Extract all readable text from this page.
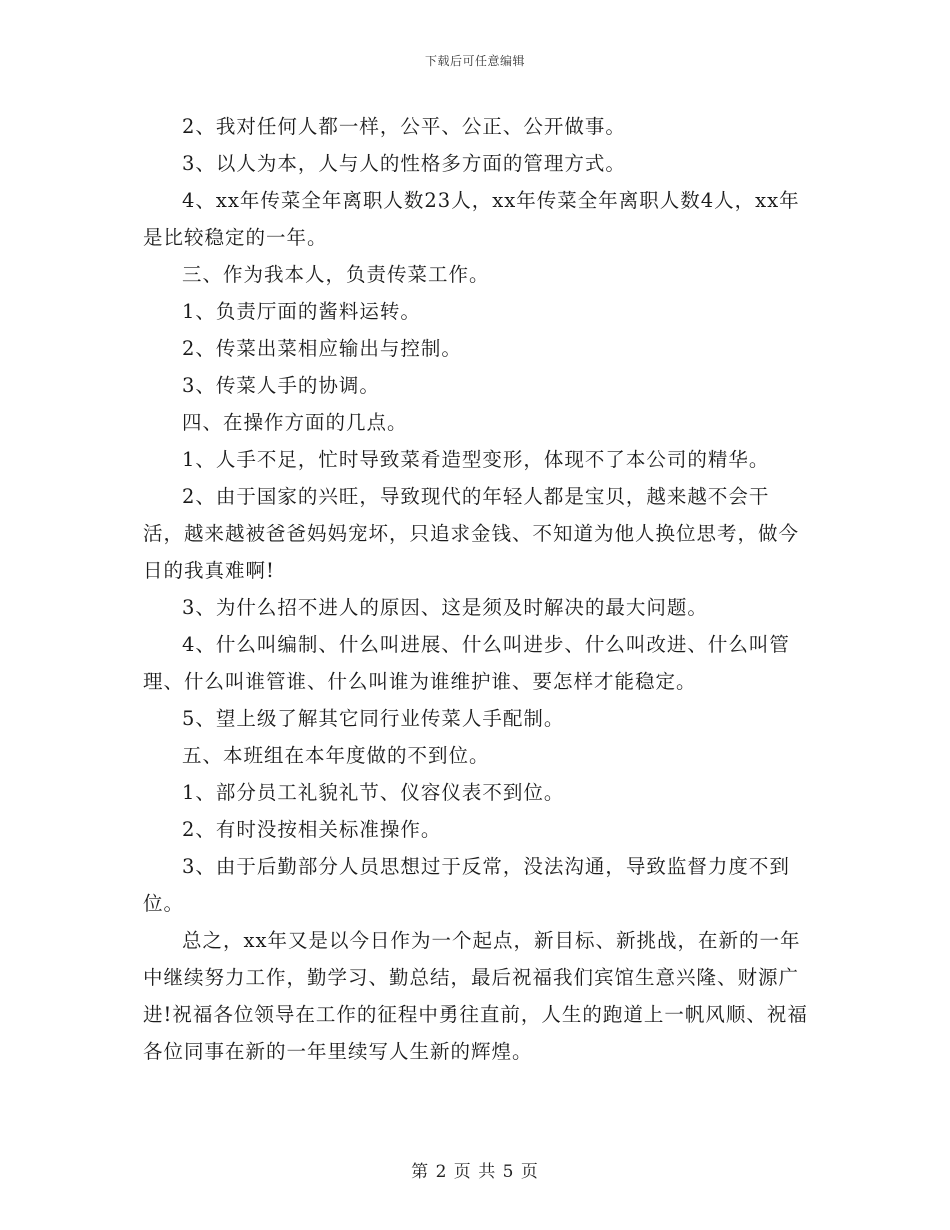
下载后可任意编辑

2、我对任何人都一样，公平、公正、公开做事。

3、以人为本，人与人的性格多方面的管理方式。

4、xx年传菜全年离职人数23人，xx年传菜全年离职人数4人，xx年是比较稳定的一年。

三、作为我本人，负责传菜工作。

1、负责厅面的酱料运转。

2、传菜出菜相应输出与控制。

3、传菜人手的协调。

四、在操作方面的几点。

1、人手不足，忙时导致菜肴造型变形，体现不了本公司的精华。

2、由于国家的兴旺，导致现代的年轻人都是宝贝，越来越不会干活，越来越被爸爸妈妈宠坏，只追求金钱、不知道为他人换位思考，做今日的我真难啊!

3、为什么招不进人的原因、这是须及时解决的最大问题。

4、什么叫编制、什么叫进展、什么叫进步、什么叫改进、什么叫管理、什么叫谁管谁、什么叫谁为谁维护谁、要怎样才能稳定。

5、望上级了解其它同行业传菜人手配制。

五、本班组在本年度做的不到位。

1、部分员工礼貌礼节、仪容仪表不到位。

2、有时没按相关标准操作。

3、由于后勤部分人员思想过于反常，没法沟通，导致监督力度不到位。

总之，xx年又是以今日作为一个起点，新目标、新挑战，在新的一年中继续努力工作，勤学习、勤总结，最后祝福我们宾馆生意兴隆、财源广进!祝福各位领导在工作的征程中勇往直前，人生的跑道上一帆风顺、祝福各位同事在新的一年里续写人生新的辉煌。

第 2 页 共 5 页
